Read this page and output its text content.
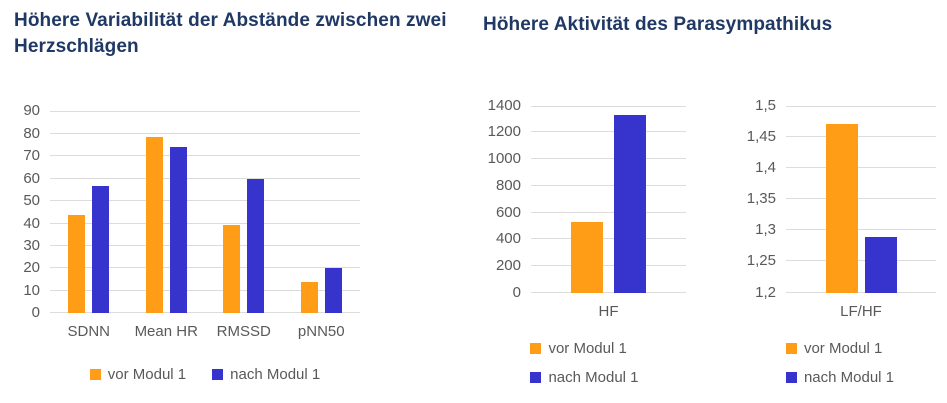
Höhere Variabilität der Abstände zwischen zwei Herzschlägen
0
10
20
30
40
50
60
70
80
90
SDNN	Mean HR	RMSSD	pNN50
vor Modul 1	nach Modul 1
Höhere Aktivität des Parasympathikus
0
200
400
600
800
1000
1200
1400
HF
vor Modul 1
nach Modul 1
1,2
1,25
1,3
1,35
1,4
1,45
1,5
LF/HF
vor Modul 1
nach Modul 1
